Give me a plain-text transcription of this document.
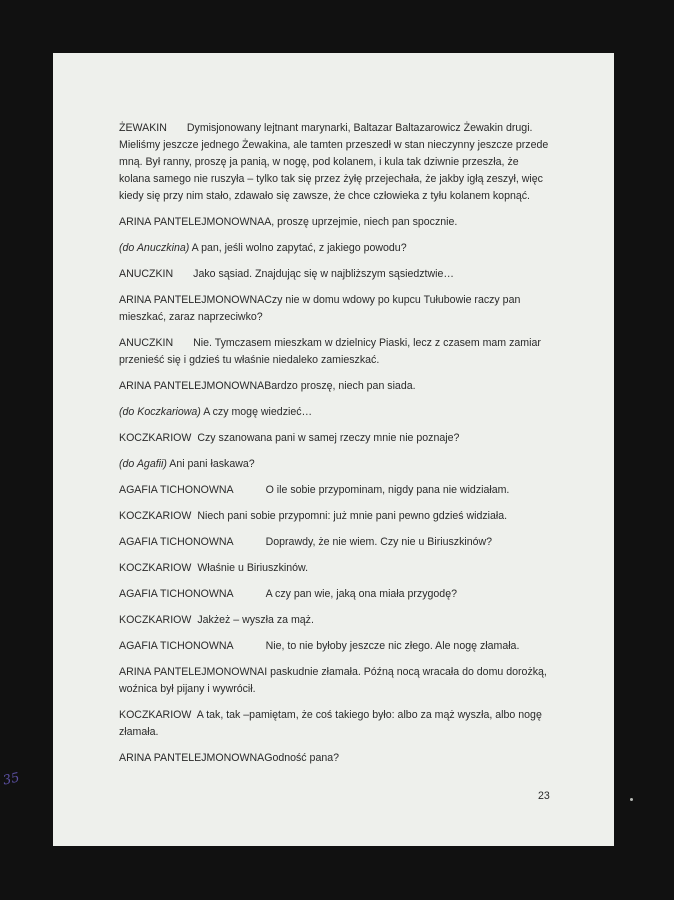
ŻEWAKIN Dymisjonowany lejtnant marynarki, Baltazar Baltazarowicz Żewakin drugi. Mieliśmy jeszcze jednego Żewakina, ale tamten przeszedł w stan nieczynny jeszcze przede mną. Był ranny, proszę ja panią, w nogę, pod kolanem, i kula tak dziwnie przeszła, że kolana samego nie ruszyła – tylko tak się przez żyłę przejechała, że jakby igłą zeszył, więc kiedy się przy nim stało, zdawało się zawsze, że chce człowieka z tyłu kolanem kopnąć.

ARINA PANTELEJMONOWNAA, proszę uprzejmie, niech pan spocznie.

(do Anuczkina) A pan, jeśli wolno zapytać, z jakiego powodu?

ANUCZKIN Jako sąsiad. Znajdując się w najbliższym sąsiedztwie…

ARINA PANTELEJMONOWNACzy nie w domu wdowy po kupcu Tułubowie raczy pan mieszkać, zaraz naprzeciwko?

ANUCZKIN Nie. Tymczasem mieszkam w dzielnicy Piaski, lecz z czasem mam zamiar przenieść się i gdzieś tu właśnie niedaleko zamieszkać.

ARINA PANTELEJMONOWNABardzo proszę, niech pan siada.

(do Koczkariowa) A czy mogę wiedzieć…

KOCZKARIOW Czy szanowana pani w samej rzeczy mnie nie poznaje?

(do Agafii) Ani pani łaskawa?

AGAFIA TICHONOWNA	O ile sobie przypominam, nigdy pana nie widziałam.

KOCZKARIOW Niech pani sobie przypomni: już mnie pani pewno gdzieś widziała.

AGAFIA TICHONOWNA	Doprawdy, że nie wiem. Czy nie u Biriuszkinów?

KOCZKARIOW Właśnie u Biriuszkinów.

AGAFIA TICHONOWNA	A czy pan wie, jaką ona miała przygodę?

KOCZKARIOW Jakżeż – wyszła za mąż.

AGAFIA TICHONOWNA	Nie, to nie byłoby jeszcze nic złego. Ale nogę złamała.

ARINA PANTELEJMONOWNAI paskudnie złamała. Późną nocą wracała do domu dorożką, woźnica był pijany i wywrócił.

KOCZKARIOW A tak, tak –pamiętam, że coś takiego było: albo za mąż wyszła, albo nogę złamała.

ARINA PANTELEJMONOWNAGodność pana?

23
35
